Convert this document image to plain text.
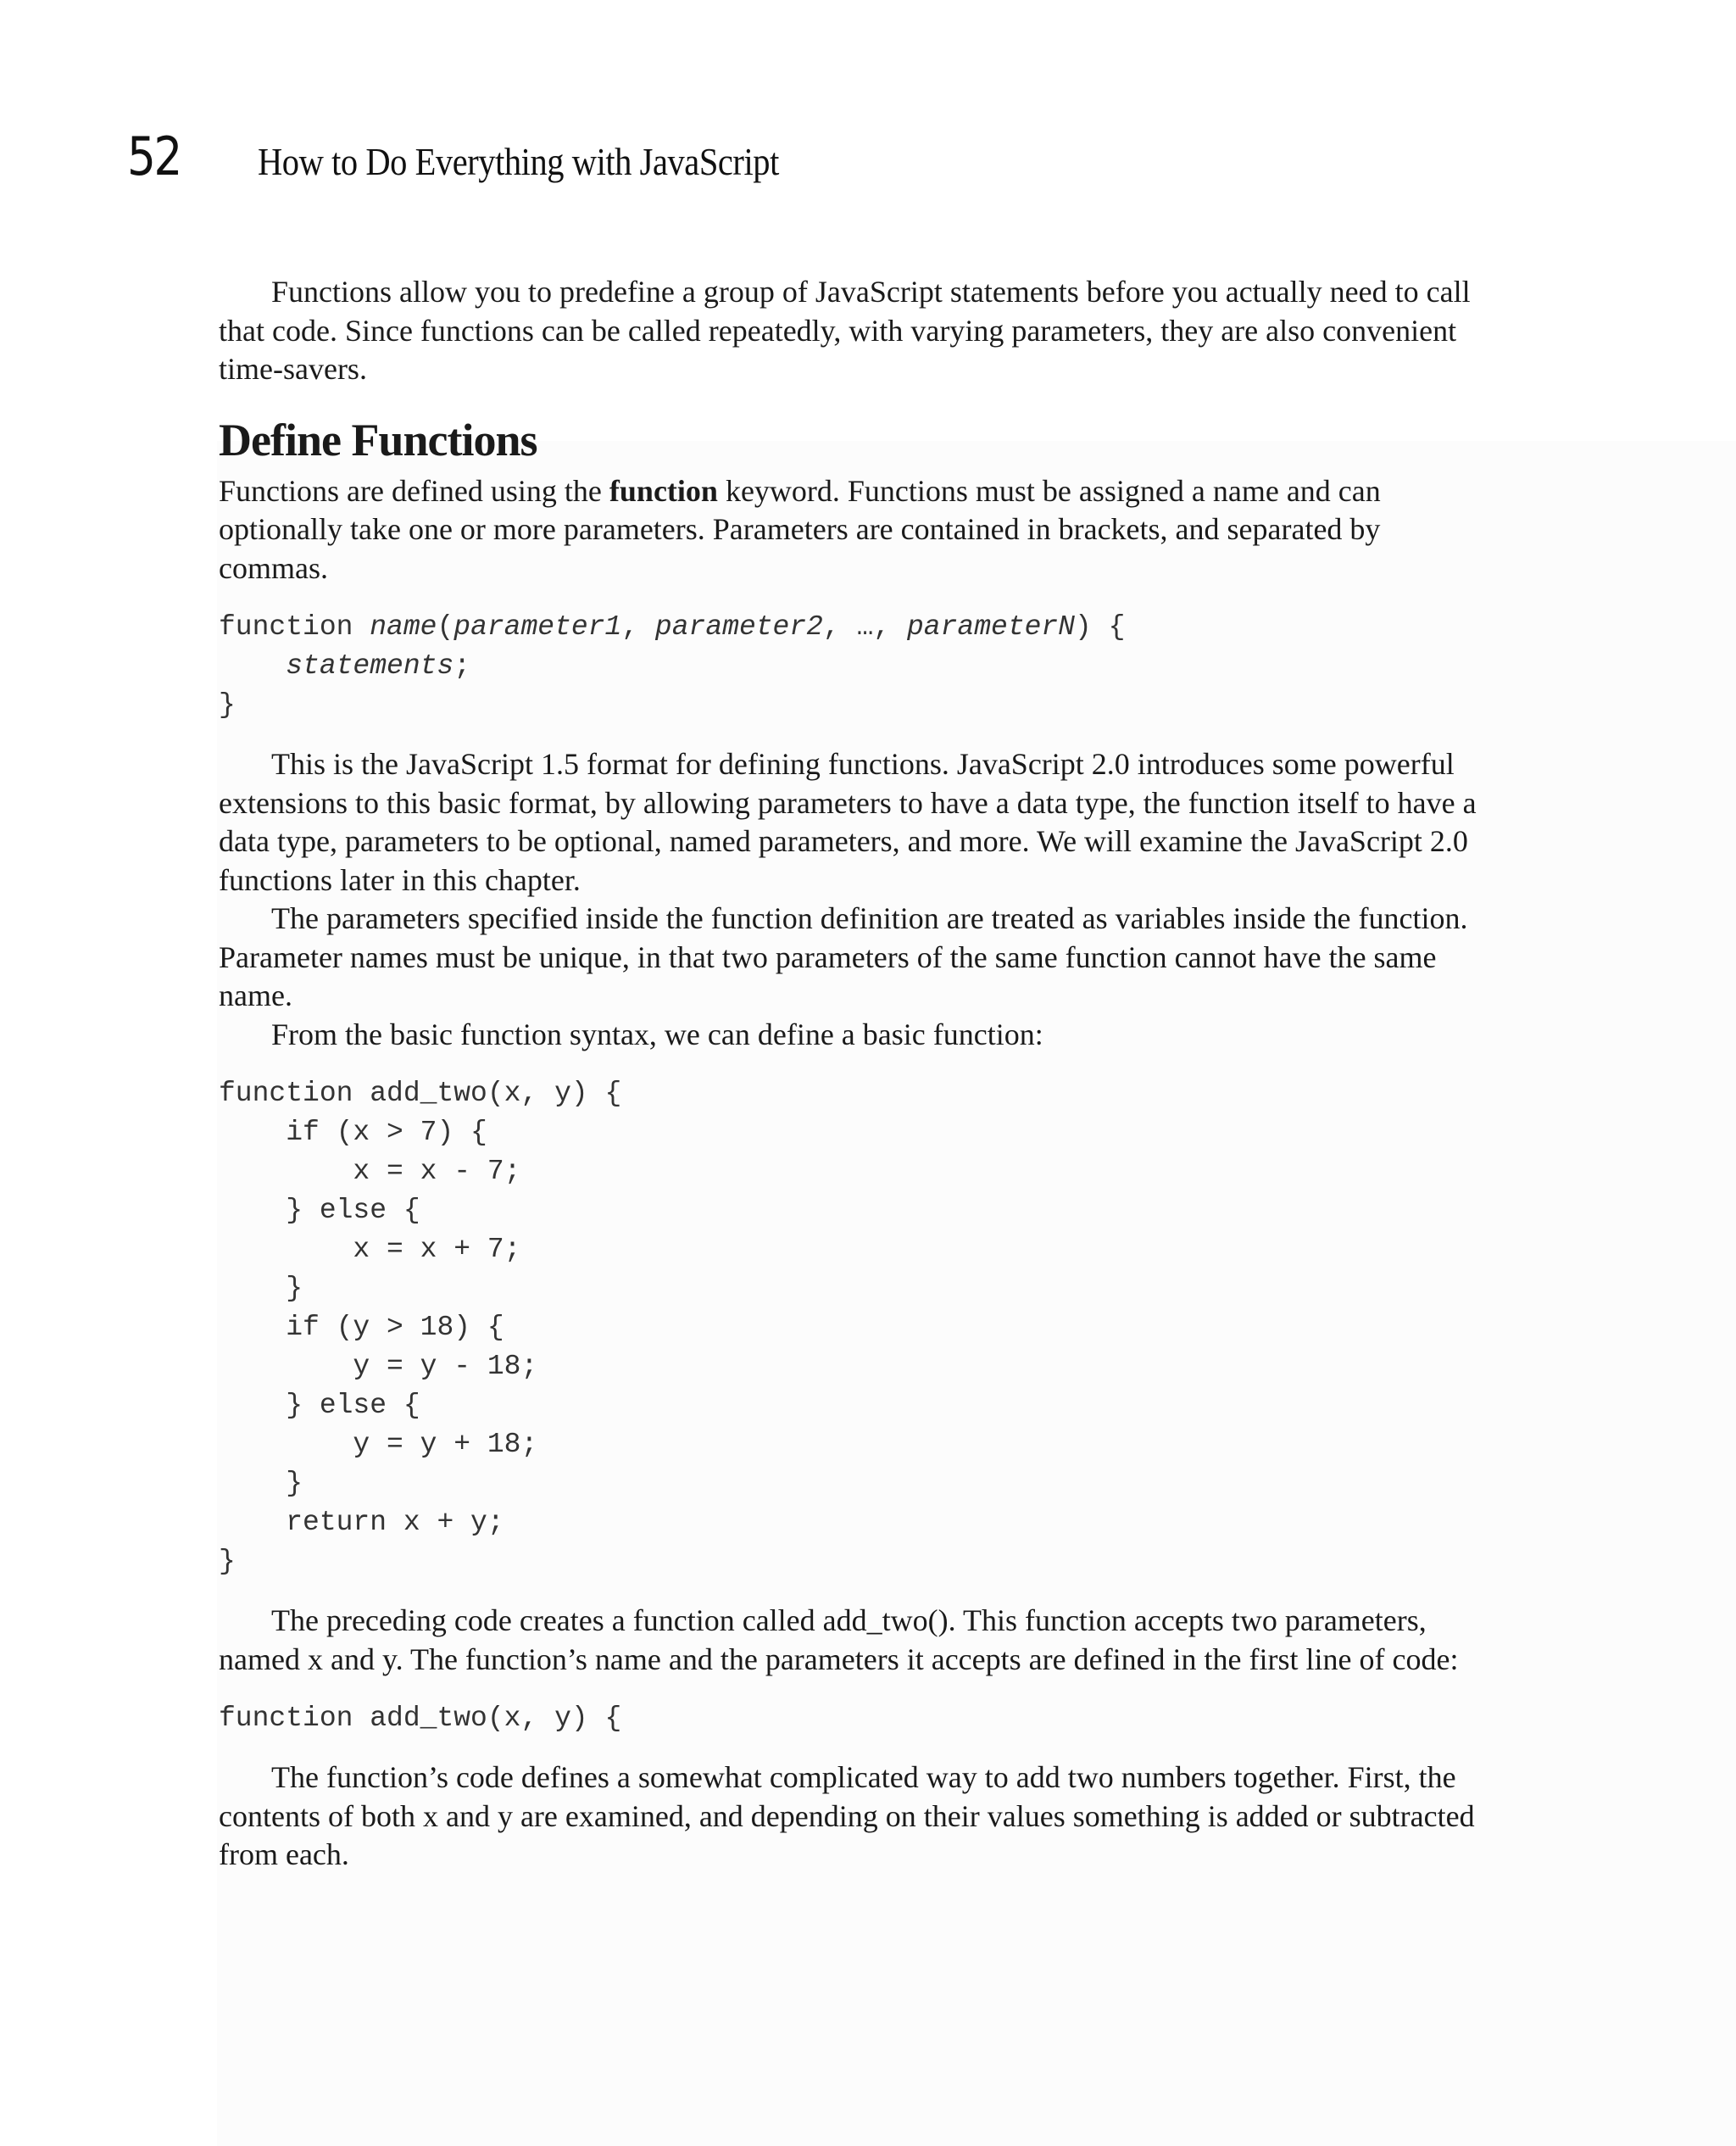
52 How to Do Everything with JavaScript

Functions allow you to predefine a group of JavaScript statements before you actually need to call that code. Since functions can be called repeatedly, with varying parameters, they are also convenient time-savers.

Define Functions

Functions are defined using the function keyword. Functions must be assigned a name and can optionally take one or more parameters. Parameters are contained in brackets, and separated by commas.

function name(parameter1, parameter2, …, parameterN) {
statements;
}

This is the JavaScript 1.5 format for defining functions. JavaScript 2.0 introduces some powerful extensions to this basic format, by allowing parameters to have a data type, the function itself to have a data type, parameters to be optional, named parameters, and more. We will examine the JavaScript 2.0 functions later in this chapter.

The parameters specified inside the function definition are treated as variables inside the function. Parameter names must be unique, in that two parameters of the same function cannot have the same name.

From the basic function syntax, we can define a basic function:

function add_two(x, y) {
if (x > 7) {
x = x - 7;
} else {
x = x + 7;
}
if (y > 18) {
y = y - 18;
} else {
y = y + 18;
}
return x + y;
}

The preceding code creates a function called add_two(). This function accepts two parameters, named x and y. The function’s name and the parameters it accepts are defined in the first line of code:

function add_two(x, y) {

The function’s code defines a somewhat complicated way to add two numbers together. First, the contents of both x and y are examined, and depending on their values something is added or subtracted from each.
